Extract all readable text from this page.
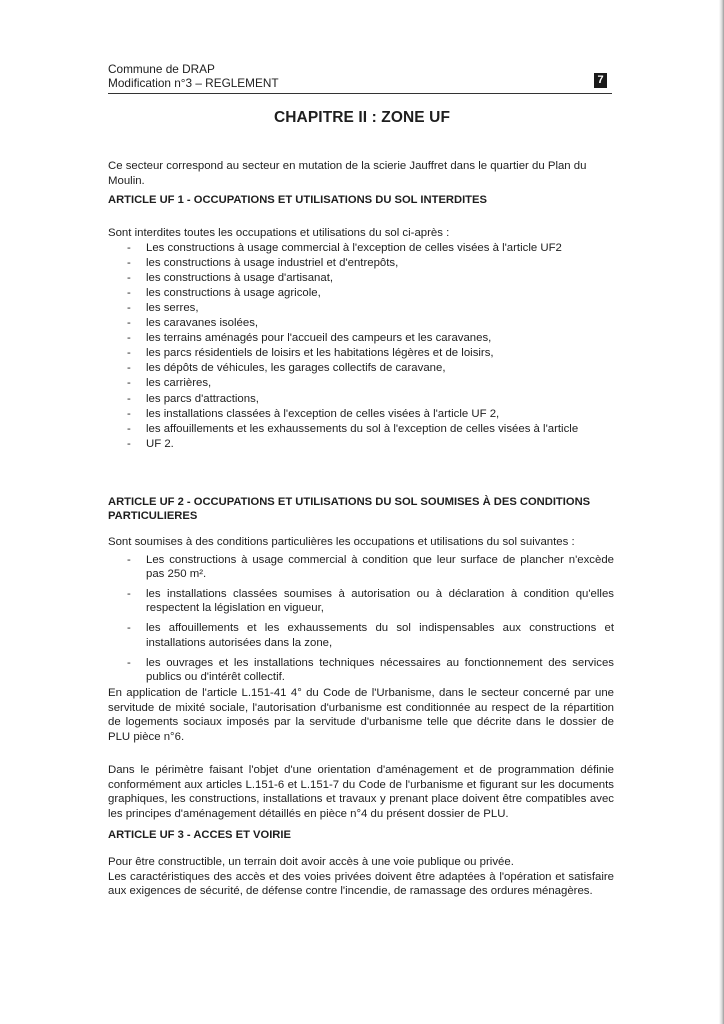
Commune de DRAP
Modification n°3 – REGLEMENT	7
CHAPITRE II : ZONE UF

Ce secteur correspond au secteur en mutation de la scierie Jauffret dans le quartier du Plan du Moulin.

ARTICLE UF 1 - OCCUPATIONS ET UTILISATIONS DU SOL INTERDITES

Sont interdites toutes les occupations et utilisations du sol ci-après :

- Les constructions à usage commercial à l'exception de celles visées à l'article UF2
- les constructions à usage industriel et d'entrepôts,
- les constructions à usage d'artisanat,
- les constructions à usage agricole,
- les serres,
- les caravanes isolées,
- les terrains aménagés pour l'accueil des campeurs et les caravanes,
- les parcs résidentiels de loisirs et les habitations légères et de loisirs,
- les dépôts de véhicules, les garages collectifs de caravane,
- les carrières,
- les parcs d'attractions,
- les installations classées à l'exception de celles visées à l'article UF 2,
- les affouillements et les exhaussements du sol à l'exception de celles visées à l'article
- UF 2.

ARTICLE UF 2 - OCCUPATIONS ET UTILISATIONS DU SOL SOUMISES À DES CONDITIONS

PARTICULIERES

Sont soumises à des conditions particulières les occupations et utilisations du sol suivantes :

- Les constructions à usage commercial à condition que leur surface de plancher n'excède pas 250 m².
- les installations classées soumises à autorisation ou à déclaration à condition qu'elles respectent la législation en vigueur,
- les affouillements et les exhaussements du sol indispensables aux constructions et installations autorisées dans la zone,
- les ouvrages et les installations techniques nécessaires au fonctionnement des services publics ou d'intérêt collectif.

En application de l'article L.151-41 4° du Code de l'Urbanisme, dans le secteur concerné par une servitude de mixité sociale, l'autorisation d'urbanisme est conditionnée au respect de la répartition de logements sociaux imposés par la servitude d'urbanisme telle que décrite dans le dossier de PLU pièce n°6.

Dans le périmètre faisant l'objet d'une orientation d'aménagement et de programmation définie conformément aux articles L.151-6 et L.151-7 du Code de l'urbanisme et figurant sur les documents graphiques, les constructions, installations et travaux y prenant place doivent être compatibles avec les principes d'aménagement détaillés en pièce n°4 du présent dossier de PLU.

ARTICLE UF 3 - ACCES ET VOIRIE

Pour être constructible, un terrain doit avoir accès à une voie publique ou privée.

Les caractéristiques des accès et des voies privées doivent être adaptées à l'opération et satisfaire aux exigences de sécurité, de défense contre l'incendie, de ramassage des ordures ménagères.
